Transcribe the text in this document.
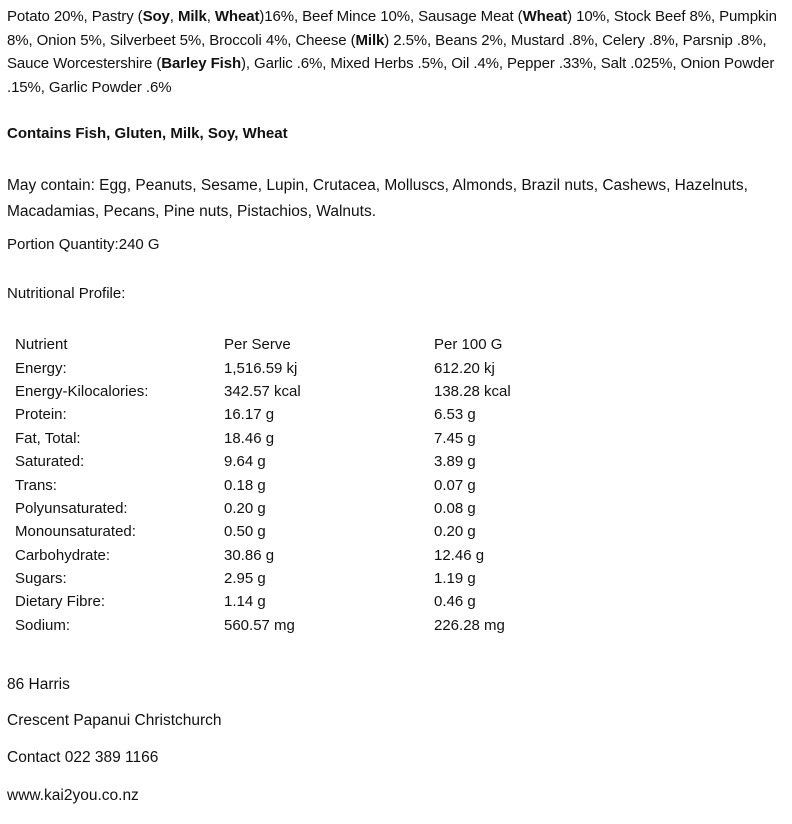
Potato 20%, Pastry (Soy, Milk, Wheat)16%, Beef Mince 10%, Sausage Meat (Wheat) 10%, Stock Beef 8%, Pumpkin 8%, Onion 5%, Silverbeet 5%, Broccoli 4%, Cheese (Milk) 2.5%, Beans 2%, Mustard .8%, Celery .8%, Parsnip .8%, Sauce Worcestershire (Barley Fish), Garlic .6%, Mixed Herbs .5%, Oil .4%, Pepper .33%, Salt .025%, Onion Powder .15%, Garlic Powder .6%
Contains Fish, Gluten, Milk, Soy, Wheat
May contain: Egg, Peanuts, Sesame, Lupin, Crutacea, Molluscs, Almonds, Brazil nuts, Cashews, Hazelnuts, Macadamias, Pecans, Pine nuts, Pistachios, Walnuts.
Portion Quantity:240 G
Nutritional Profile:
Nutrient	Per Serve	Per 100 G
Energy:	1,516.59 kj	612.20 kj
Energy-Kilocalories:	342.57 kcal	138.28 kcal
Protein:	16.17 g	6.53 g
Fat, Total:	18.46 g	7.45 g
Saturated:	9.64 g	3.89 g
Trans:	0.18 g	0.07 g
Polyunsaturated:	0.20 g	0.08 g
Monounsaturated:	0.50 g	0.20 g
Carbohydrate:	30.86 g	12.46 g
Sugars:	2.95 g	1.19 g
Dietary Fibre:	1.14 g	0.46 g
Sodium:	560.57 mg	226.28 mg
86 Harris
Crescent Papanui Christchurch
Contact 022 389 1166
www.kai2you.co.nz
